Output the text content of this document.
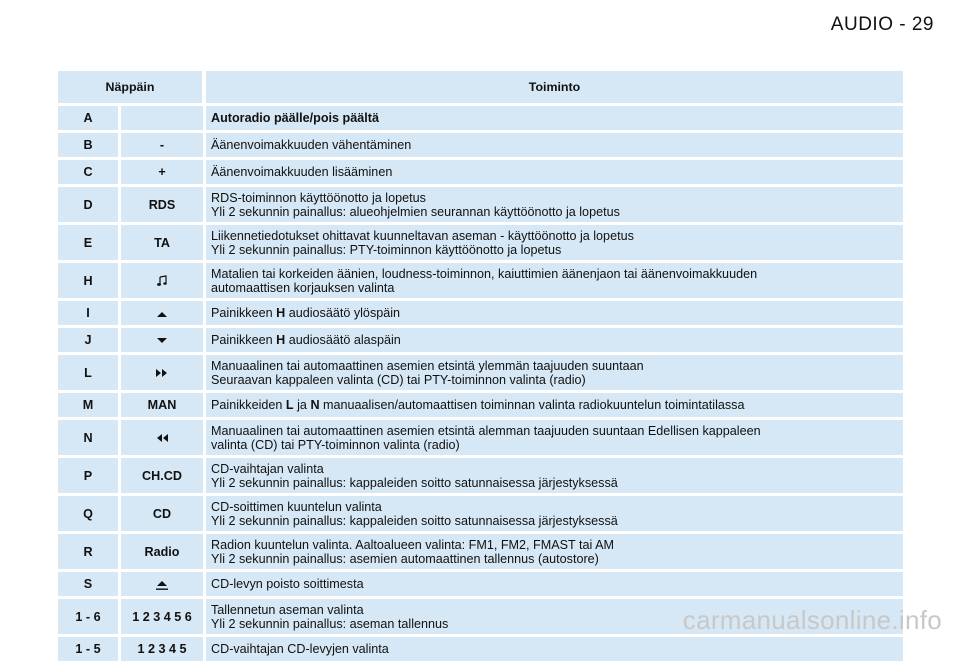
AUDIO - 29
Näppäin		Toiminto
A		Autoradio päälle/pois päältä

B	-	Äänenvoimakkuuden vähentäminen

C	+	Äänenvoimakkuuden lisääminen

D	RDS	RDS-toiminnon käyttöönotto ja lopetus
Yli 2 sekunnin painallus: alueohjelmien seurannan käyttöönotto ja lopetus

E	TA	Liikennetiedotukset ohittavat kuunneltavan aseman - käyttöönotto ja lopetus
Yli 2 sekunnin painallus: PTY-toiminnon käyttöönotto ja lopetus

H		Matalien tai korkeiden äänien, loudness-toiminnon, kaiuttimien äänenjaon tai äänenvoimakkuuden
automaattisen korjauksen valinta

I		Painikkeen H audiosäätö ylöspäin

J		Painikkeen H audiosäätö alaspäin

L		Manuaalinen tai automaattinen asemien etsintä ylemmän taajuuden suuntaan
Seuraavan kappaleen valinta (CD) tai PTY-toiminnon valinta (radio)

M	MAN	Painikkeiden L ja N manuaalisen/automaattisen toiminnan valinta radiokuuntelun toimintatilassa

N		Manuaalinen tai automaattinen asemien etsintä alemman taajuuden suuntaan Edellisen kappaleen
valinta (CD) tai PTY-toiminnon valinta (radio)

P	CH.CD	CD-vaihtajan valinta
Yli 2 sekunnin painallus: kappaleiden soitto satunnaisessa järjestyksessä

Q	CD	CD-soittimen kuuntelun valinta
Yli 2 sekunnin painallus: kappaleiden soitto satunnaisessa järjestyksessä

R	Radio	Radion kuuntelun valinta. Aaltoalueen valinta: FM1, FM2, FMAST tai AM
Yli 2 sekunnin painallus: asemien automaattinen tallennus (autostore)

S		CD-levyn poisto soittimesta

1 - 6	1 2 3 4 5 6	Tallennetun aseman valinta
Yli 2 sekunnin painallus: aseman tallennus

1 - 5	1 2 3 4 5	CD-vaihtajan CD-levyjen valinta
carmanualsonline.info
